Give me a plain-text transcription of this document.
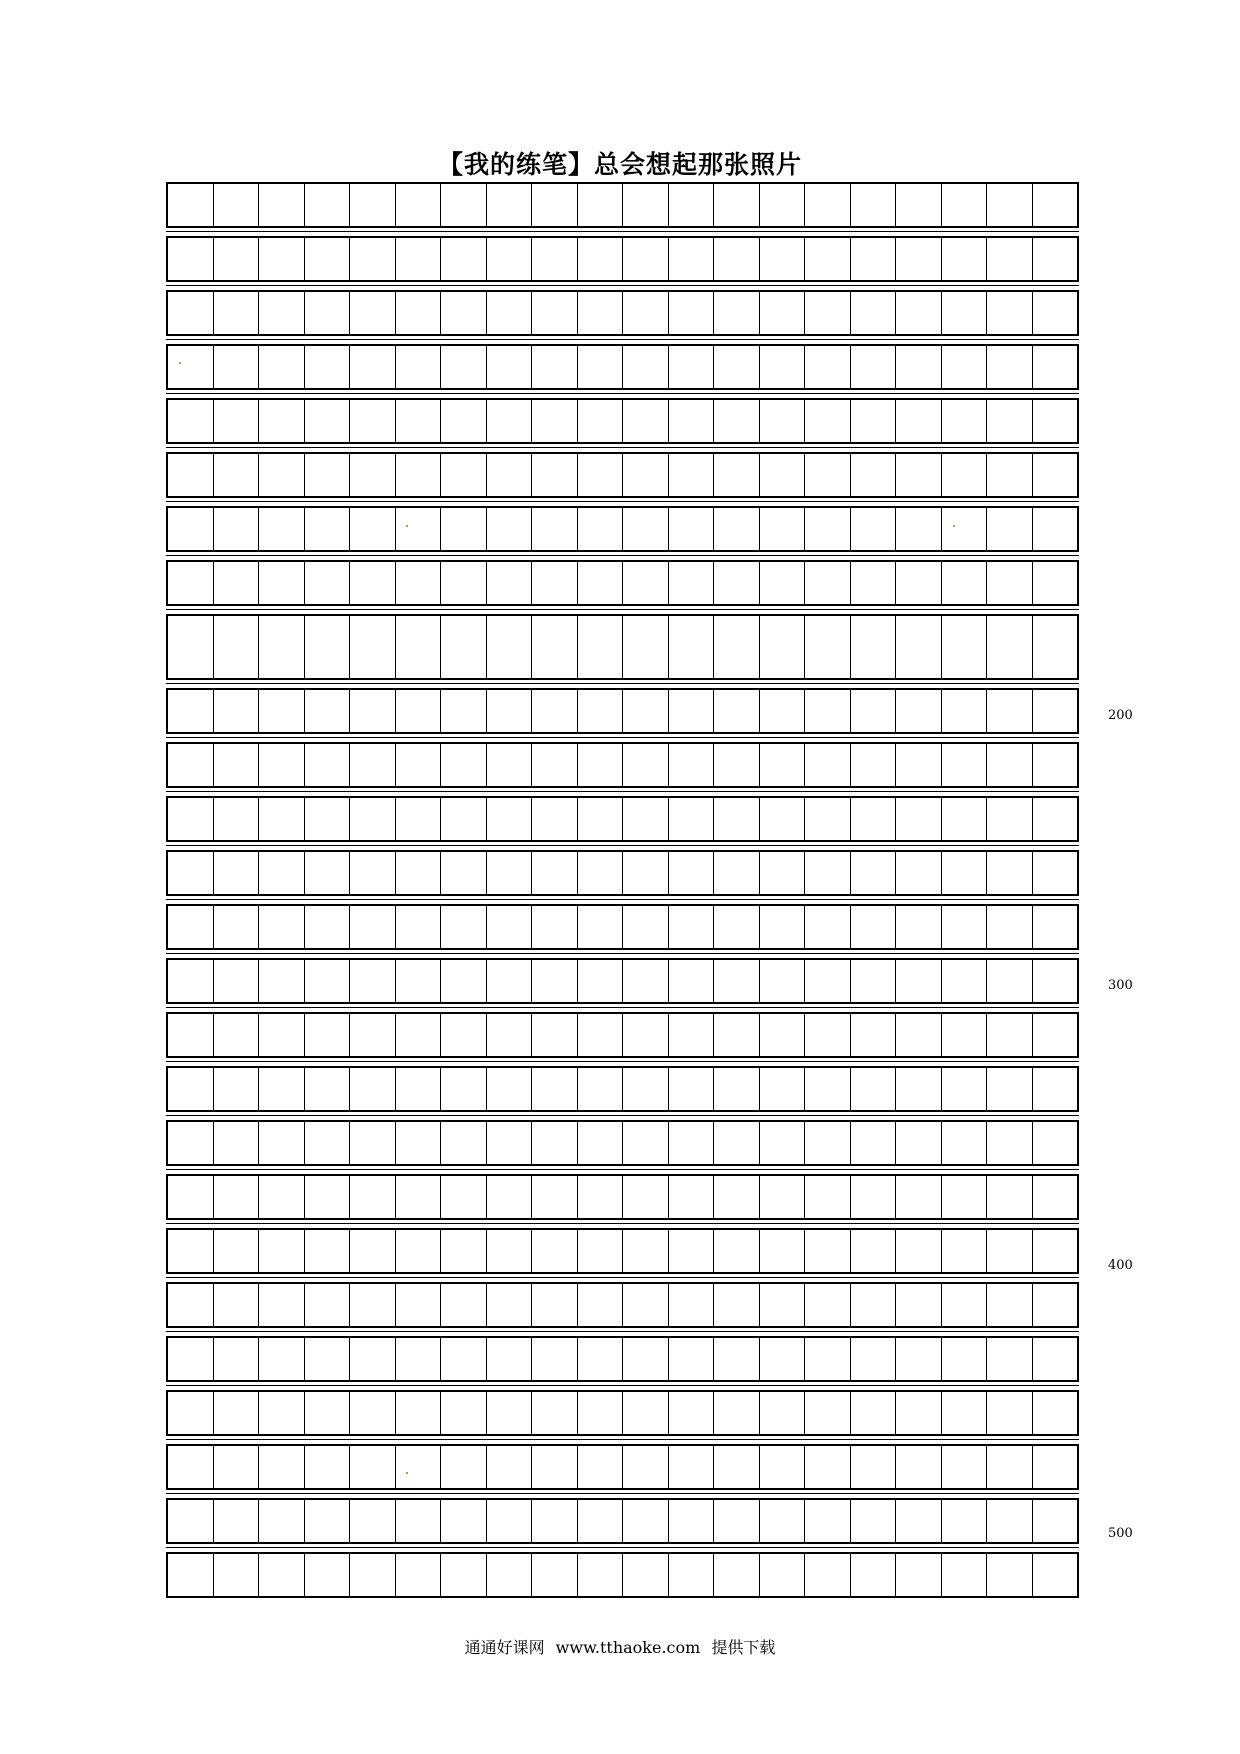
【我的练笔】总会想起那张照片
200
300
400
500
通通好课网 www.tthaoke.com 提供下载
